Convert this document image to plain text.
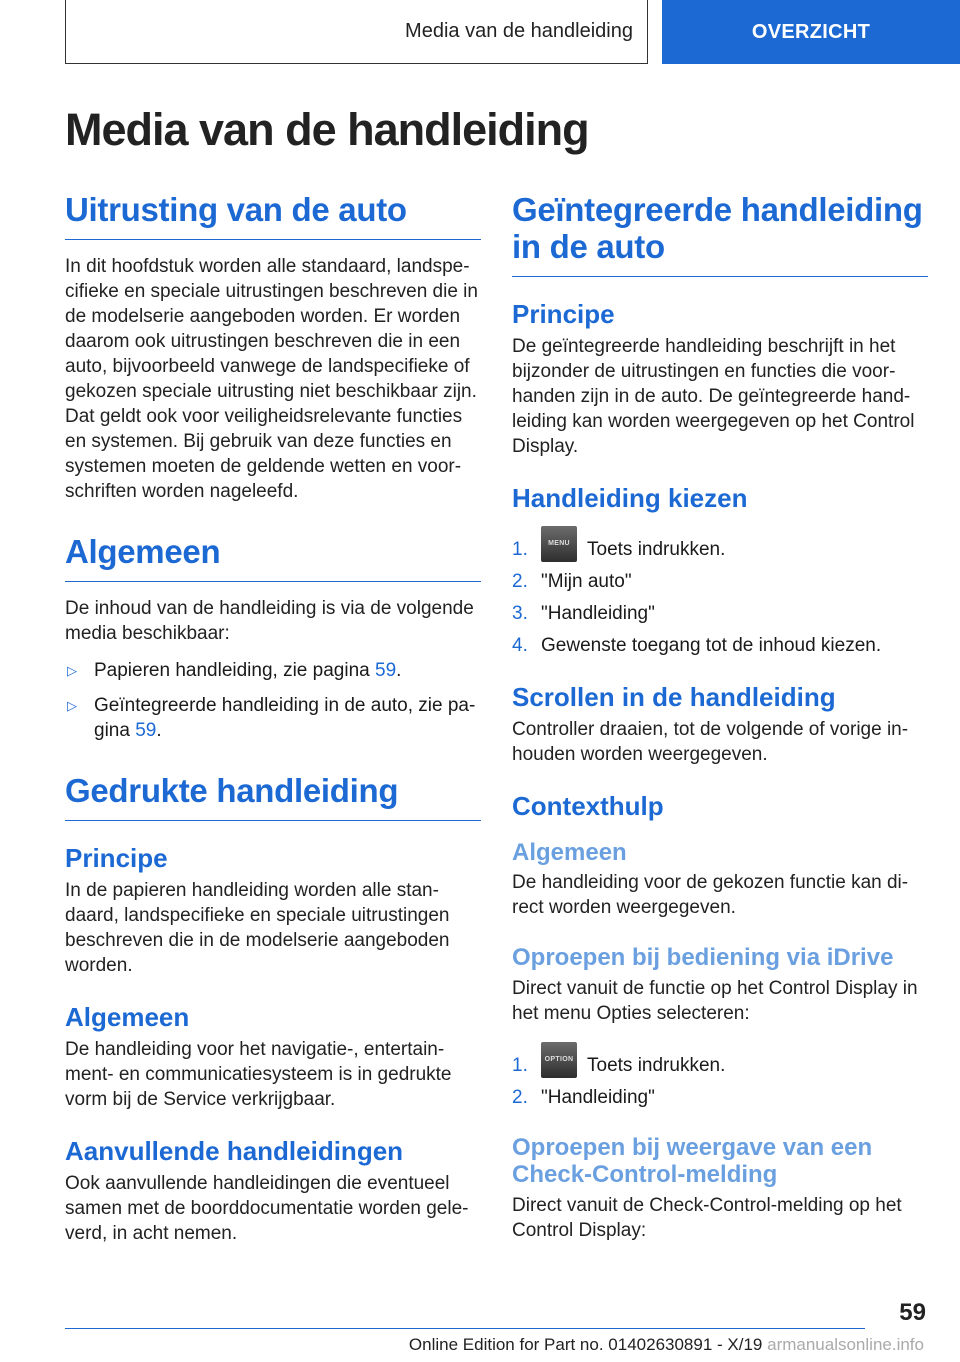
Media van de handleiding	OVERZICHT
Media van de handleiding
Uitrusting van de auto

In dit hoofdstuk worden alle standaard, landspecifieke en speciale uitrustingen beschreven die in de modelserie aangeboden worden. Er worden daarom ook uitrustingen beschreven die in een auto, bijvoorbeeld vanwege de landspecifieke of gekozen speciale uitrusting niet beschikbaar zijn. Dat geldt ook voor veiligheidsrelevante functies en systemen. Bij gebruik van deze functies en systemen moeten de geldende wetten en voorschriften worden nageleefd.

Algemeen

De inhoud van de handleiding is via de volgende media beschikbaar:

▷ Papieren handleiding, zie pagina 59.
▷ Geïntegreerde handleiding in de auto, zie pagina 59.
Gedrukte handleiding
Principe

In de papieren handleiding worden alle standaard, landspecifieke en speciale uitrustingen beschreven die in de modelserie aangeboden worden.

Algemeen

De handleiding voor het navigatie-, entertainment- en communicatiesysteem is in gedrukte vorm bij de Service verkrijgbaar.

Aanvullende handleidingen

Ook aanvullende handleidingen die eventueel samen met de boorddocumentatie worden geleverd, in acht nemen.

Geïntegreerde handleiding in de auto
Principe

De geïntegreerde handleiding beschrijft in het bijzonder de uitrustingen en functies die voorhanden zijn in de auto. De geïntegreerde handleiding kan worden weergegeven op het Control Display.

Handleiding kiezen
1.	MENU Toets indrukken.
2. "Mijn auto"
3. "Handleiding"
4. Gewenste toegang tot de inhoud kiezen.
Scrollen in de handleiding

Controller draaien, tot de volgende of vorige inhouden worden weergegeven.

Contexthulp
Algemeen

De handleiding voor de gekozen functie kan direct worden weergegeven.

Oproepen bij bediening via iDrive

Direct vanuit de functie op het Control Display in het menu Opties selecteren:

1.	OPTION Toets indrukken.
2. "Handleiding"
Oproepen bij weergave van een Check-Control-melding

Direct vanuit de Check-Control-melding op het Control Display:

59
Online Edition for Part no. 01402630891 - X/19 armanualsonline.info
